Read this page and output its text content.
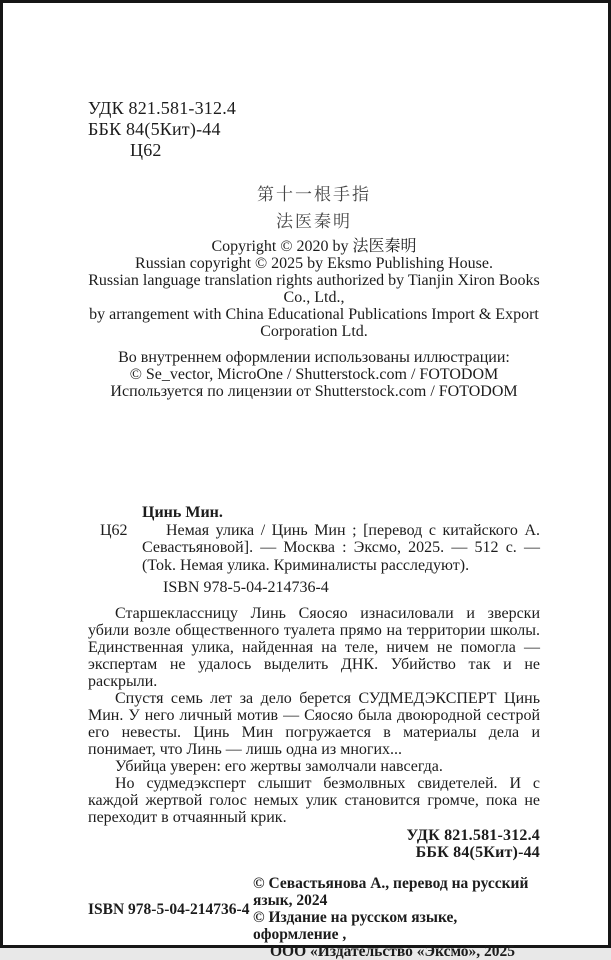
УДК 821.581-312.4
ББК 84(5Кит)-44
Ц62
第十一根手指
法医秦明
Copyright © 2020 by 法医秦明
Russian copyright © 2025 by Eksmo Publishing House.
Russian language translation rights authorized by Tianjin Xiron Books Co., Ltd.,
by arrangement with China Educational Publications Import & Export
Corporation Ltd.
Во внутреннем оформлении использованы иллюстрации:
© Se_vector, MicroOne / Shutterstock.com / FOTODOM
Используется по лицензии от Shutterstock.com / FOTODOM
Ц62
Цинь Мин.

Немая улика / Цинь Мин ; [перевод с китайского А. Севастьяновой]. — Москва : Эксмо, 2025. — 512 с. — (Tok. Немая улика. Криминалисты расследуют).

ISBN 978-5-04-214736-4

Старшеклассницу Линь Сяосяо изнасиловали и зверски убили возле общественного туалета прямо на территории школы. Единственная улика, найденная на теле, ничем не помогла — экспертам не удалось выделить ДНК. Убийство так и не раскрыли.

Спустя семь лет за дело берется СУДМЕДЭКСПЕРТ Цинь Мин. У него личный мотив — Сяосяо была двоюродной сестрой его невесты. Цинь Мин погружается в материалы дела и понимает, что Линь — лишь одна из многих...

Убийца уверен: его жертвы замолчали навсегда.

Но судмедэксперт слышит безмолвных свидетелей. И с каждой жертвой голос немых улик становится громче, пока не переходит в отчаянный крик.

УДК 821.581-312.4
ББК 84(5Кит)-44
ISBN 978-5-04-214736-4
© Севастьянова А., перевод на русский язык, 2024
© Издание на русском языке, оформление ,
ООО «Издательство «Эксмо», 2025
